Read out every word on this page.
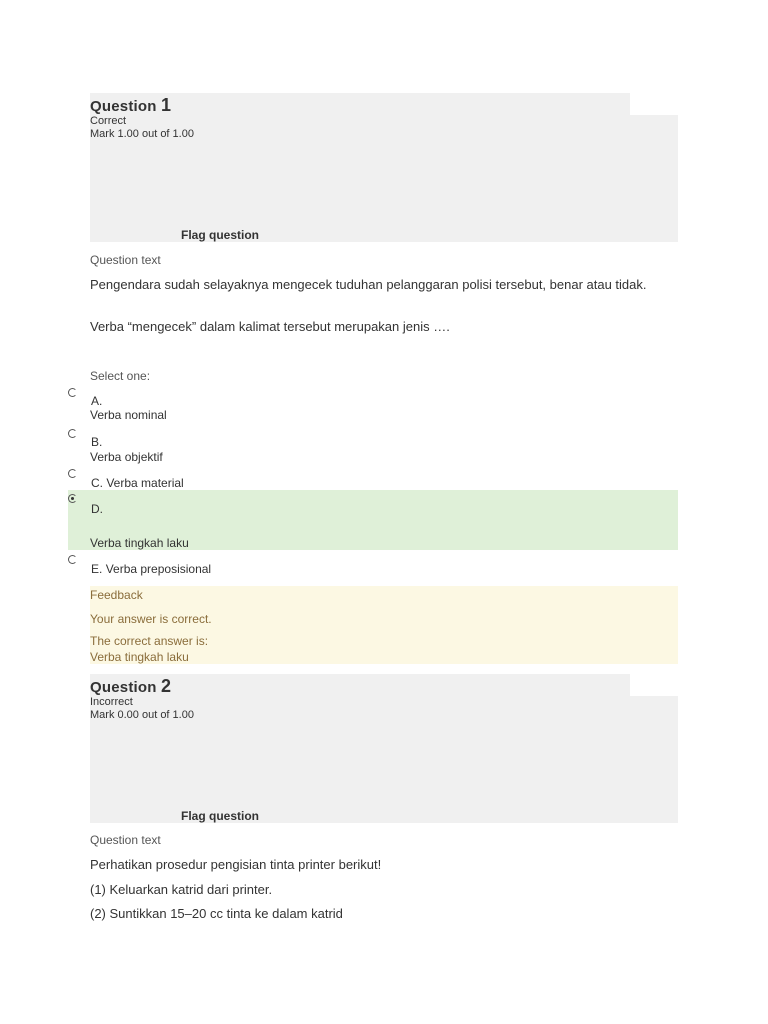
Question 1
Correct
Mark 1.00 out of 1.00
Flag question
Question text
Pengendara sudah selayaknya mengecek tuduhan pelanggaran polisi tersebut, benar atau tidak.
Verba “mengecek” dalam kalimat tersebut merupakan jenis ….
Select one:
A.
Verba nominal
B.
Verba objektif
C. Verba material
D.
Verba tingkah laku
E. Verba preposisional
Feedback
Your answer is correct.
The correct answer is:
Verba tingkah laku
Question 2
Incorrect
Mark 0.00 out of 1.00
Flag question
Question text
Perhatikan prosedur pengisian tinta printer berikut!
(1) Keluarkan katrid dari printer.
(2) Suntikkan 15–20 cc tinta ke dalam katrid
